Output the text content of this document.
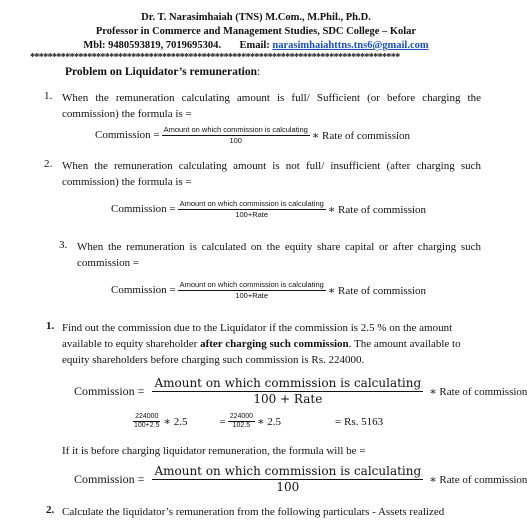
Dr. T. Narasimhaiah (TNS) M.Com., M.Phil., Ph.D.
Professor in Commerce and Management Studies, SDC College – Kolar
Mbl: 9480593819, 7019695304. Email: narasimhaiahttns.tns6@gmail.com
************************************************************************************
Problem on Liquidator’s remuneration:
1. When the remuneration calculating amount is full/ Sufficient (or before charging the commission) the formula is =
Commission = $\frac{\text{Amount on which commission is calculating}}{100}$ ∗ Rate of commission
2. When the remuneration calculating amount is not full/ insufficient (after charging such commission) the formula is =
Commission = $\frac{\text{Amount on which commission is calculating}}{\text{100+Rate}}$ ∗ Rate of commission
3. When the remuneration is calculated on the equity share capital or after charging such commission =
Commission = $\frac{\text{Amount on which commission is calculating}}{\text{100+Rate}}$ ∗ Rate of commission
1. Find out the commission due to the Liquidator if the commission is 2.5 % on the amount available to equity shareholder after charging such commission. The amount available to equity shareholders before charging such commission is Rs. 224000.
Commission = $\frac{\text{Amount on which commission is calculating}}{\text{100 + Rate}}$ ∗ Rate of commission
$\frac{224000}{100+2.5}$ ∗ 2.5	= $\frac{224000}{102.5}$ ∗ 2.5	= Rs. 5163
If it is before charging liquidator remuneration, the formula will be =
Commission = $\frac{\text{Amount on which commission is calculating}}{100}$ ∗ Rate of commission
2. Calculate the liquidator’s remuneration from the following particulars - Assets realized
